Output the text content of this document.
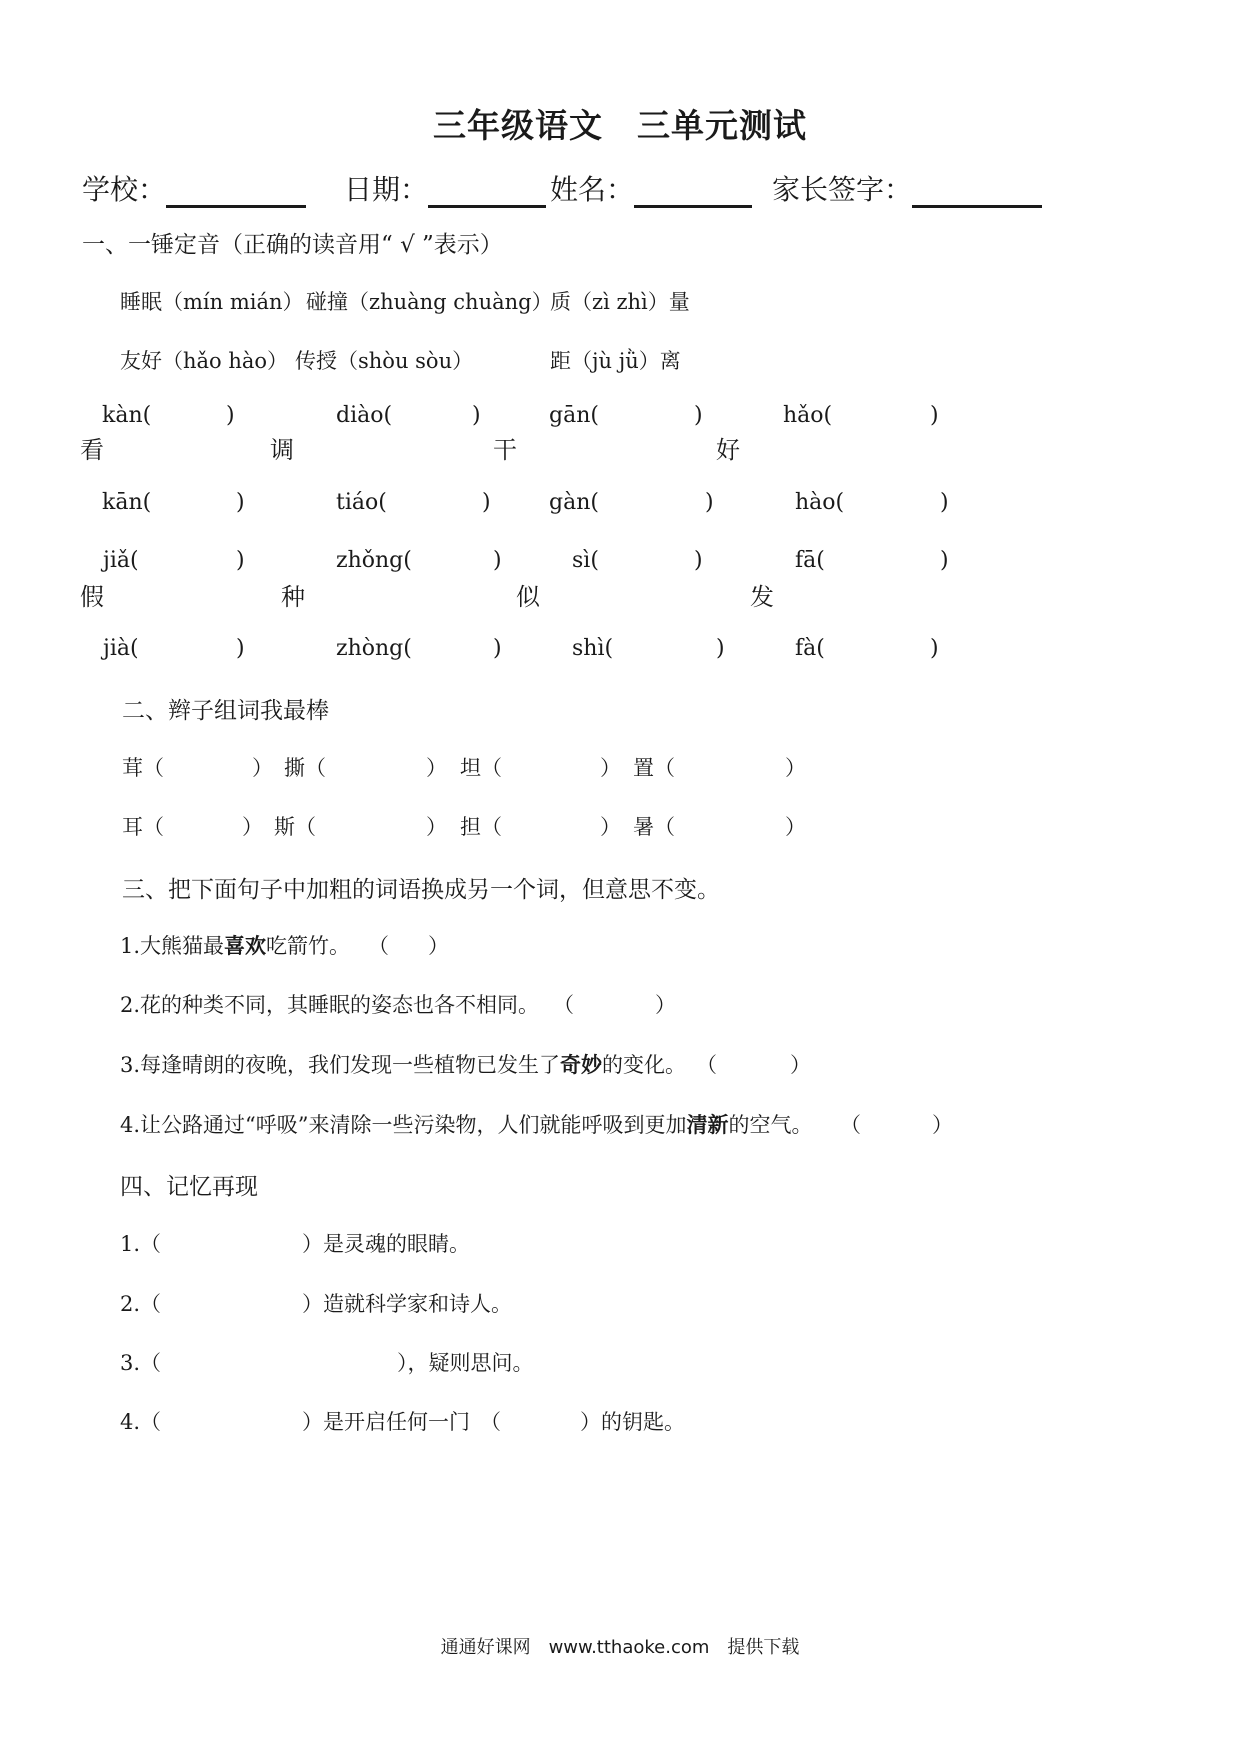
三年级语文　三单元测试
学校：	日期：	姓名：	家长签字：
一、一锤定音（正确的读音用“ √ ”表示）
睡眠（mín mián） 碰撞（zhuàng chuàng）
质（zì zhì）量
友好（hǎo hào） 传授（shòu sòu）	距（jù jǜ）离
kàn(	)	diào(	)	gān(	)	hǎo(	)
看	调	干	好
kān(	)	tiáo(	)	gàn(	)	hào(	)
jiǎ(	)	zhǒng(	)	sì(	)	fā(	)
假	种	似	发
jià(	)	zhòng(	)	shì(	)	fà(	)
二、辫子组词我最棒
茸（	） 撕（	） 坦（	） 置（	）
耳（	） 斯（	） 担（	） 暑（	）
三、把下面句子中加粗的词语换成另一个词，但意思不变。
1.大熊猫最喜欢吃箭竹。 （ ）
2.花的种类不同，其睡眠的姿态也各不相同。 （	）
3.每逢晴朗的夜晚，我们发现一些植物已发生了奇妙的变化。 （	）
4.让公路通过“呼吸”来清除一些污染物，人们就能呼吸到更加清新的空气。 （	）
四、记忆再现
1.（	）是灵魂的眼睛。
2.（	）造就科学家和诗人。
3.（	），疑则思问。
4.（	）是开启任何一门 （	）的钥匙。
通通好课网　www.tthaoke.com　提供下载
